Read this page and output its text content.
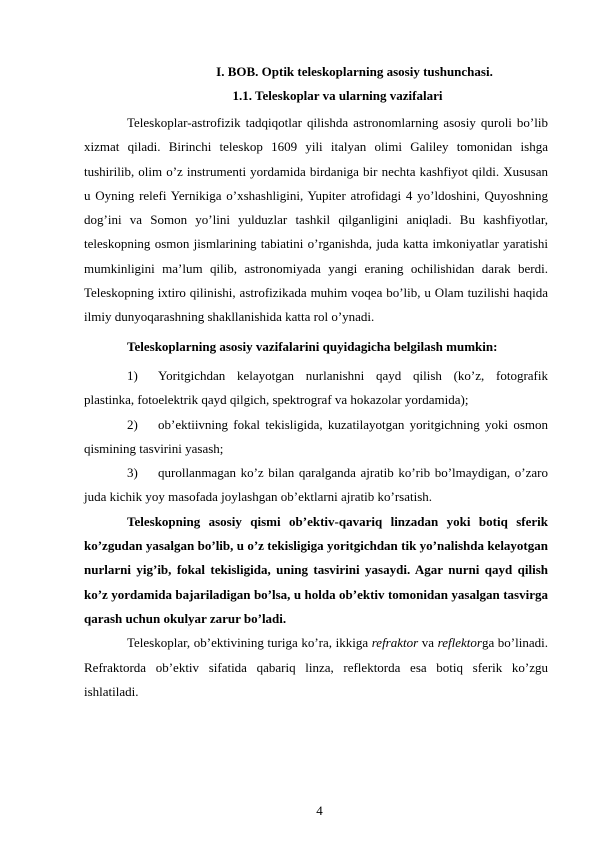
I. BOB. Optik teleskoplarning asosiy tushunchasi.
1.1. Teleskoplar va ularning vazifalari

Teleskoplar-astrofizik tadqiqotlar qilishda astronomlarning asosiy quroli bo’lib xizmat qiladi. Birinchi teleskop 1609 yili italyan olimi Galiley tomonidan ishga tushirilib, olim o’z instrumenti yordamida birdaniga bir nechta kashfiyot qildi. Xususan u Oyning relefi Yernikiga o’xshashligini, Yupiter atrofidagi 4 yo’ldoshini, Quyoshning dog’ini va Somon yo’lini yulduzlar tashkil qilganligini aniqladi. Bu kashfiyotlar, teleskopning osmon jismlarining tabiatini o’rganishda, juda katta imkoniyatlar yaratishi mumkinligini ma’lum qilib, astronomiyada yangi eraning ochilishidan darak berdi. Teleskopning ixtiro qilinishi, astrofizikada muhim voqea bo’lib, u Olam tuzilishi haqida ilmiy dunyoqarashning shakllanishida katta rol o’ynadi.

Teleskoplarning asosiy vazifalarini quyidagicha belgilash mumkin:

1) Yoritgichdan kelayotgan nurlanishni qayd qilish (ko’z, fotografik plastinka, fotoelektrik qayd qilgich, spektrograf va hokazolar yordamida);

2) ob’ektiivning fokal tekisligida, kuzatilayotgan yoritgichning yoki osmon qismining tasvirini yasash;

3) qurollanmagan ko’z bilan qaralganda ajratib ko’rib bo’lmaydigan, o’zaro juda kichik yoy masofada joylashgan ob’ektlarni ajratib ko’rsatish.

Teleskopning asosiy qismi ob’ektiv-qavariq linzadan yoki botiq sferik ko’zgudan yasalgan bo’lib, u o’z tekisligiga yoritgichdan tik yo’nalishda kelayotgan nurlarni yig’ib, fokal tekisligida, uning tasvirini yasaydi. Agar nurni qayd qilish ko’z yordamida bajariladigan bo’lsa, u holda ob’ektiv tomonidan yasalgan tasvirga qarash uchun okulyar zarur bo’ladi.

Teleskoplar, ob’ektivining turiga ko’ra, ikkiga refraktor va reflektorga bo’linadi. Refraktorda ob’ektiv sifatida qabariq linza, reflektorda esa botiq sferik ko’zgu ishlatiladi.

4
